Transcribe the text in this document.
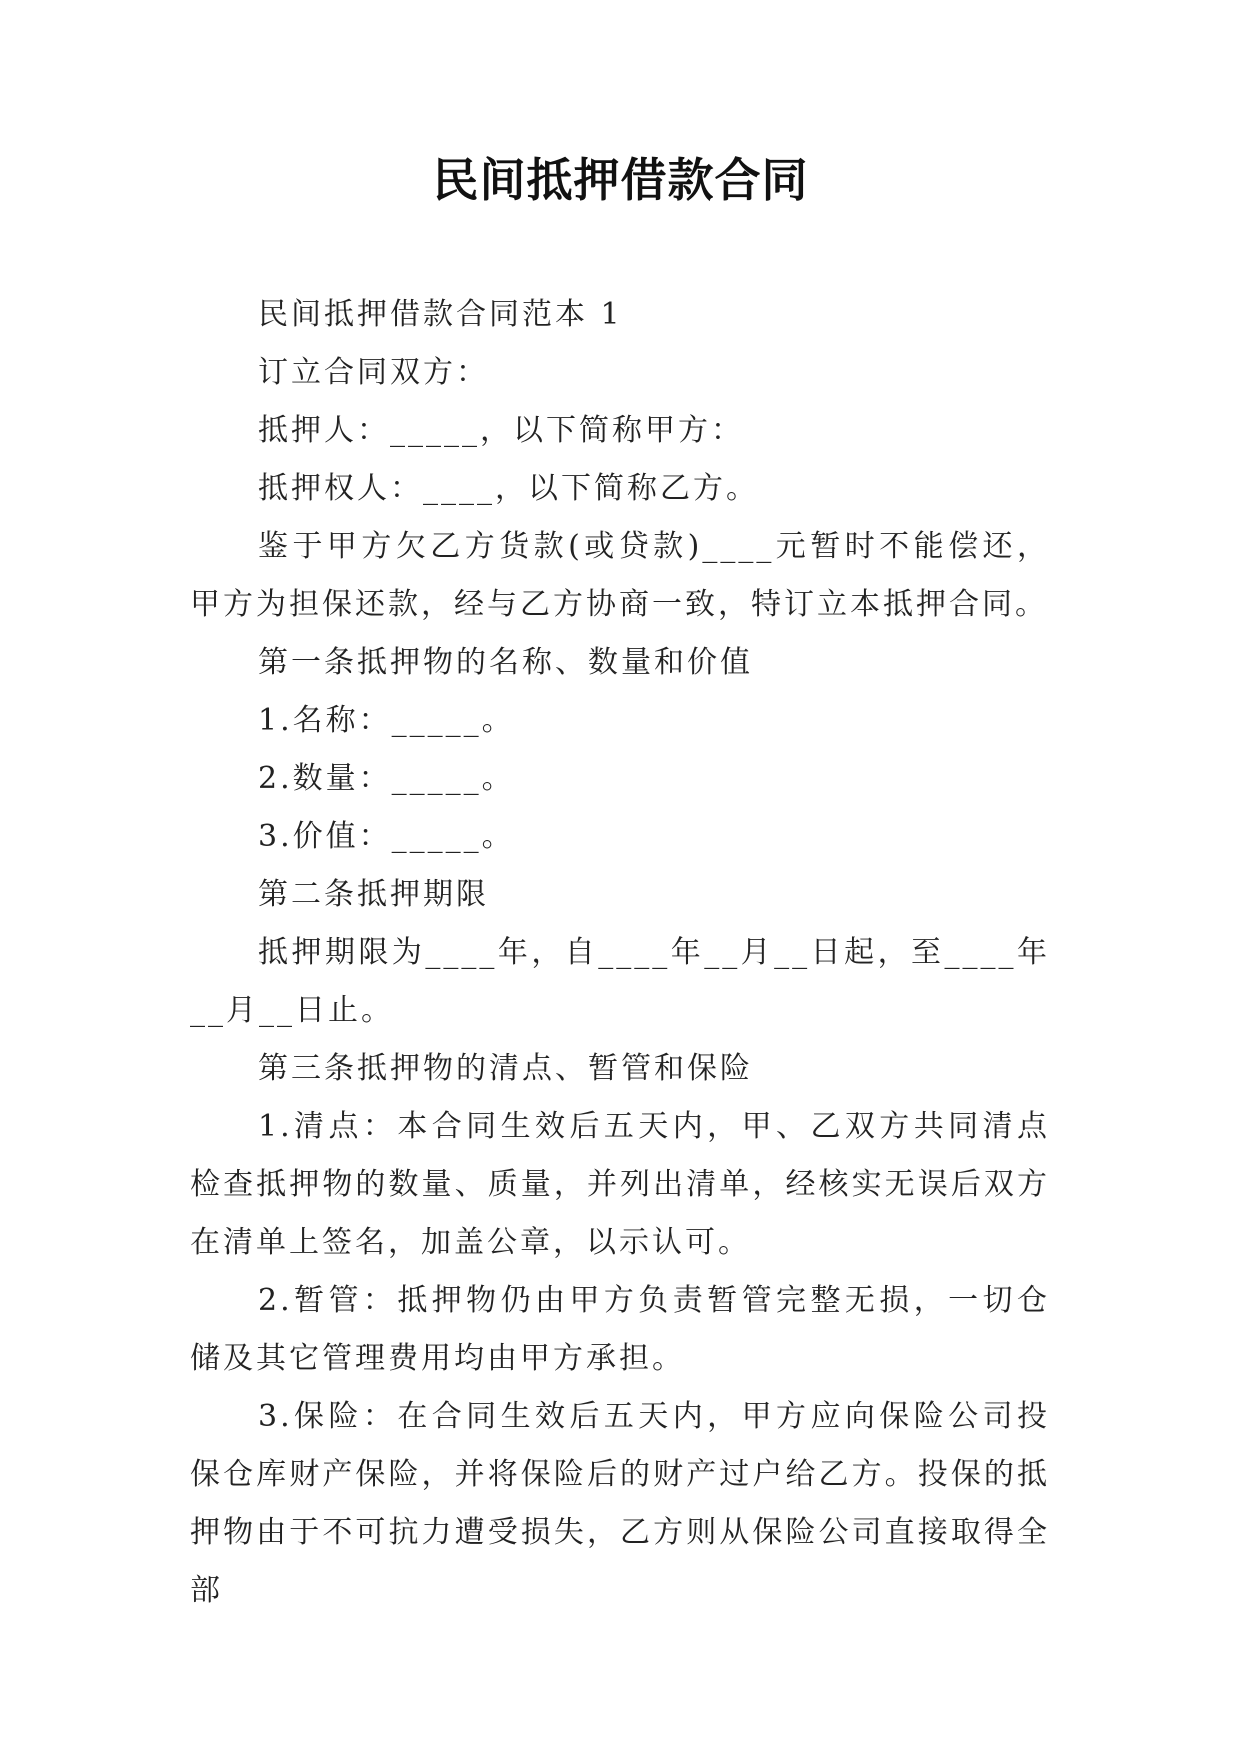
民间抵押借款合同

民间抵押借款合同范本 1

订立合同双方：

抵押人：_____，以下简称甲方：

抵押权人：____，以下简称乙方。

鉴于甲方欠乙方货款(或贷款)____元暂时不能偿还，甲方为担保还款，经与乙方协商一致，特订立本抵押合同。

第一条抵押物的名称、数量和价值

1.名称：_____。

2.数量：_____。

3.价值：_____。

第二条抵押期限

抵押期限为____年，自____年__月__日起，至____年__月__日止。

第三条抵押物的清点、暂管和保险

1.清点：本合同生效后五天内，甲、乙双方共同清点检查抵押物的数量、质量，并列出清单，经核实无误后双方在清单上签名，加盖公章，以示认可。

2.暂管：抵押物仍由甲方负责暂管完整无损，一切仓储及其它管理费用均由甲方承担。

3.保险：在合同生效后五天内，甲方应向保险公司投保仓库财产保险，并将保险后的财产过户给乙方。投保的抵押物由于不可抗力遭受损失，乙方则从保险公司直接取得全部
